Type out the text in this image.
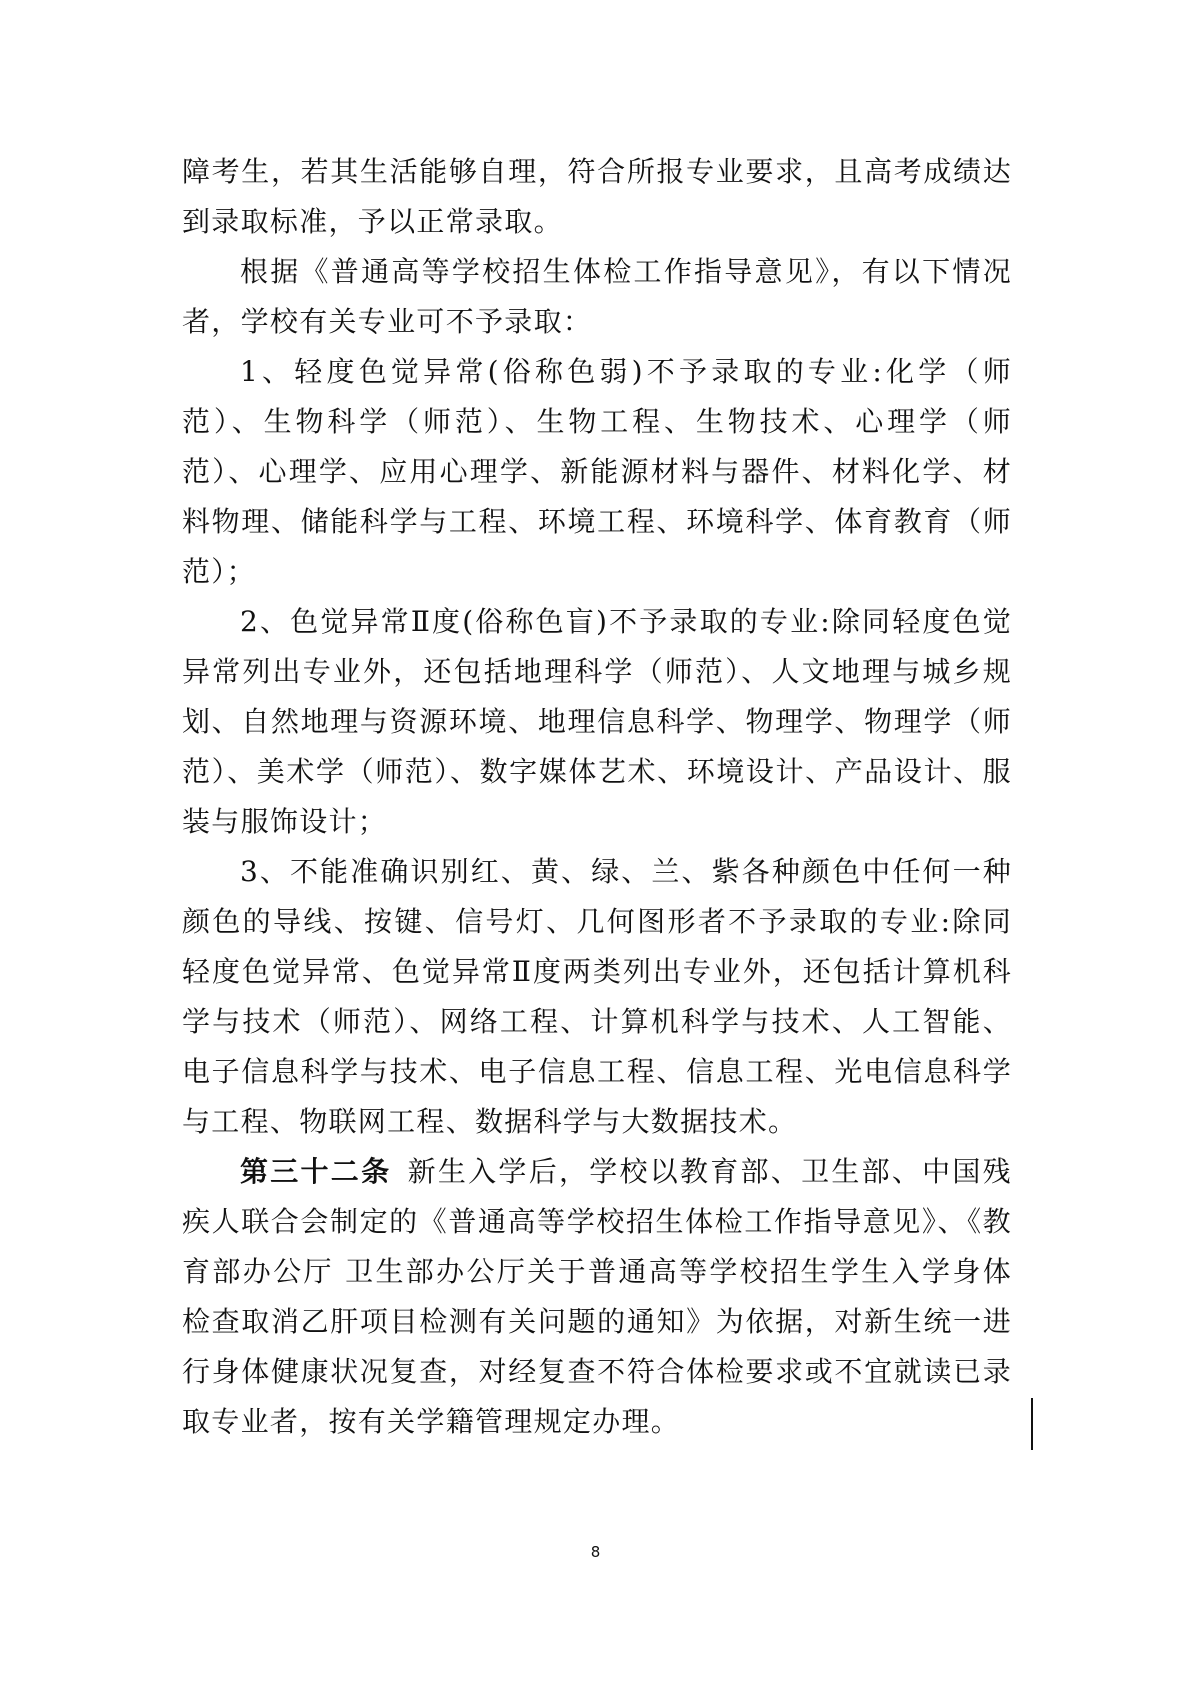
障考生，若其生活能够自理，符合所报专业要求，且高考成绩达到录取标准，予以正常录取。

根据《普通高等学校招生体检工作指导意见》，有以下情况者，学校有关专业可不予录取：

1、轻度色觉异常(俗称色弱)不予录取的专业:化学（师范）、生物科学（师范）、生物工程、生物技术、心理学（师范）、心理学、应用心理学、新能源材料与器件、材料化学、材料物理、储能科学与工程、环境工程、环境科学、体育教育（师范）；

2、色觉异常Ⅱ度(俗称色盲)不予录取的专业:除同轻度色觉异常列出专业外，还包括地理科学（师范）、人文地理与城乡规划、自然地理与资源环境、地理信息科学、物理学、物理学（师范）、美术学（师范）、数字媒体艺术、环境设计、产品设计、服装与服饰设计；

3、不能准确识别红、黄、绿、兰、紫各种颜色中任何一种颜色的导线、按键、信号灯、几何图形者不予录取的专业:除同轻度色觉异常、色觉异常Ⅱ度两类列出专业外，还包括计算机科学与技术（师范）、网络工程、计算机科学与技术、人工智能、电子信息科学与技术、电子信息工程、信息工程、光电信息科学与工程、物联网工程、数据科学与大数据技术。

第三十二条  新生入学后，学校以教育部、卫生部、中国残疾人联合会制定的《普通高等学校招生体检工作指导意见》、《教育部办公厅 卫生部办公厅关于普通高等学校招生学生入学身体检查取消乙肝项目检测有关问题的通知》为依据，对新生统一进行身体健康状况复查，对经复查不符合体检要求或不宜就读已录取专业者，按有关学籍管理规定办理。

8
